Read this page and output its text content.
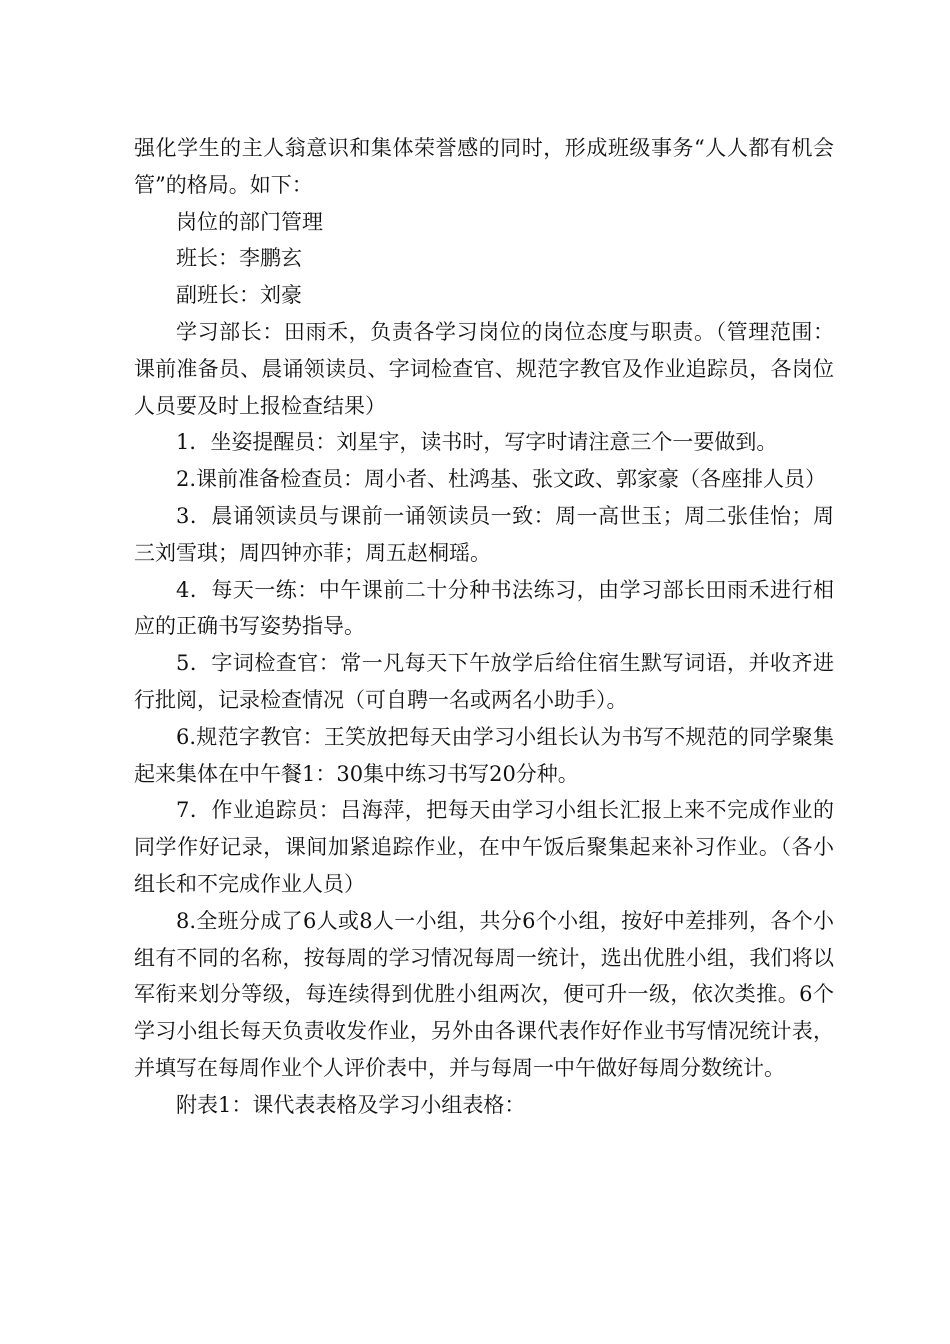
强化学生的主人翁意识和集体荣誉感的同时，形成班级事务“人人都有机会管”的格局。如下：

岗位的部门管理

班长：李鹏玄

副班长：刘豪

学习部长：田雨禾，负责各学习岗位的岗位态度与职责。（管理范围：课前准备员、晨诵领读员、字词检查官、规范字教官及作业追踪员，各岗位人员要及时上报检查结果）

1．坐姿提醒员：刘星宇，读书时，写字时请注意三个一要做到。

2.课前准备检查员：周小者、杜鸿基、张文政、郭家豪（各座排人员）

3．晨诵领读员与课前一诵领读员一致：周一高世玉；周二张佳怡；周三刘雪琪；周四钟亦菲；周五赵桐瑶。

4．每天一练：中午课前二十分种书法练习，由学习部长田雨禾进行相应的正确书写姿势指导。

5．字词检查官：常一凡每天下午放学后给住宿生默写词语，并收齐进行批阅，记录检查情况（可自聘一名或两名小助手）。

6.规范字教官：王笑放把每天由学习小组长认为书写不规范的同学聚集起来集体在中午餐1：30集中练习书写20分种。

7．作业追踪员：吕海萍，把每天由学习小组长汇报上来不完成作业的同学作好记录，课间加紧追踪作业，在中午饭后聚集起来补习作业。（各小组长和不完成作业人员）

8.全班分成了6人或8人一小组，共分6个小组，按好中差排列，各个小组有不同的名称，按每周的学习情况每周一统计，选出优胜小组，我们将以军衔来划分等级，每连续得到优胜小组两次，便可升一级，依次类推。6个学习小组长每天负责收发作业，另外由各课代表作好作业书写情况统计表，并填写在每周作业个人评价表中，并与每周一中午做好每周分数统计。

附表1：课代表表格及学习小组表格：
